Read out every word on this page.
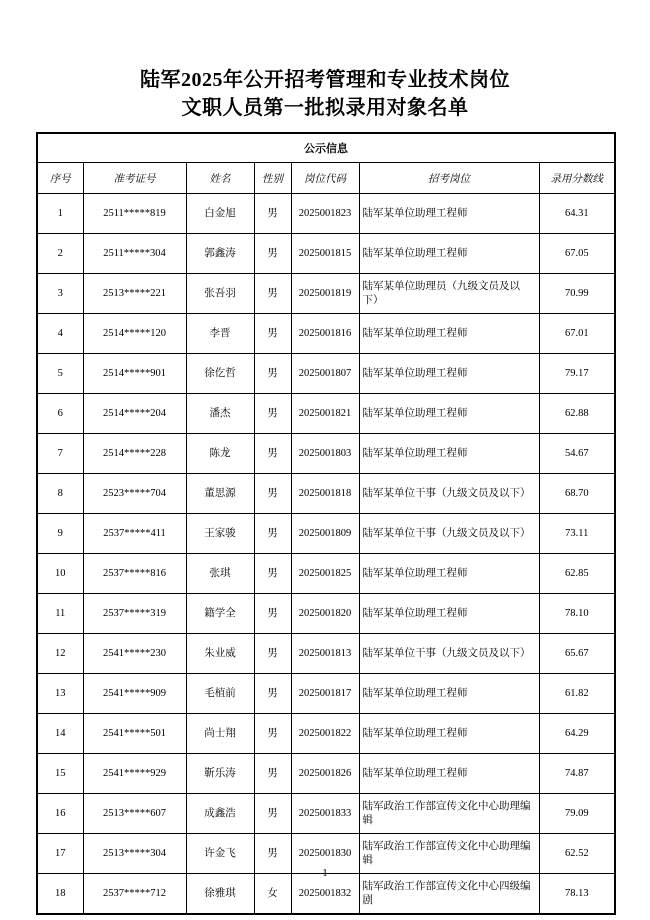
陆军2025年公开招考管理和专业技术岗位
文职人员第一批拟录用对象名单
公示信息						
序号	准考证号	姓名	性别	岗位代码	招考岗位	录用分数线
1	2511*****819	白金旭	男	2025001823	陆军某单位助理工程师	64.31
2	2511*****304	郭鑫涛	男	2025001815	陆军某单位助理工程师	67.05
3	2513*****221	张吾羽	男	2025001819	陆军某单位助理员（九级文员及以下）	70.99
4	2514*****120	李晋	男	2025001816	陆军某单位助理工程师	67.01
5	2514*****901	徐仡哲	男	2025001807	陆军某单位助理工程师	79.17
6	2514*****204	潘杰	男	2025001821	陆军某单位助理工程师	62.88
7	2514*****228	陈龙	男	2025001803	陆军某单位助理工程师	54.67
8	2523*****704	董思源	男	2025001818	陆军某单位干事（九级文员及以下）	68.70
9	2537*****411	王家骏	男	2025001809	陆军某单位干事（九级文员及以下）	73.11
10	2537*****816	张琪	男	2025001825	陆军某单位助理工程师	62.85
11	2537*****319	籍学全	男	2025001820	陆军某单位助理工程师	78.10
12	2541*****230	朱业威	男	2025001813	陆军某单位干事（九级文员及以下）	65.67
13	2541*****909	毛植前	男	2025001817	陆军某单位助理工程师	61.82
14	2541*****501	尚士翔	男	2025001822	陆军某单位助理工程师	64.29
15	2541*****929	靳乐涛	男	2025001826	陆军某单位助理工程师	74.87
16	2513*****607	成鑫浩	男	2025001833	陆军政治工作部宣传文化中心助理编辑	79.09
17	2513*****304	许金飞	男	2025001830	陆军政治工作部宣传文化中心助理编辑	62.52
18	2537*****712	徐雅琪	女	2025001832	陆军政治工作部宣传文化中心四级编剧	78.13
1
